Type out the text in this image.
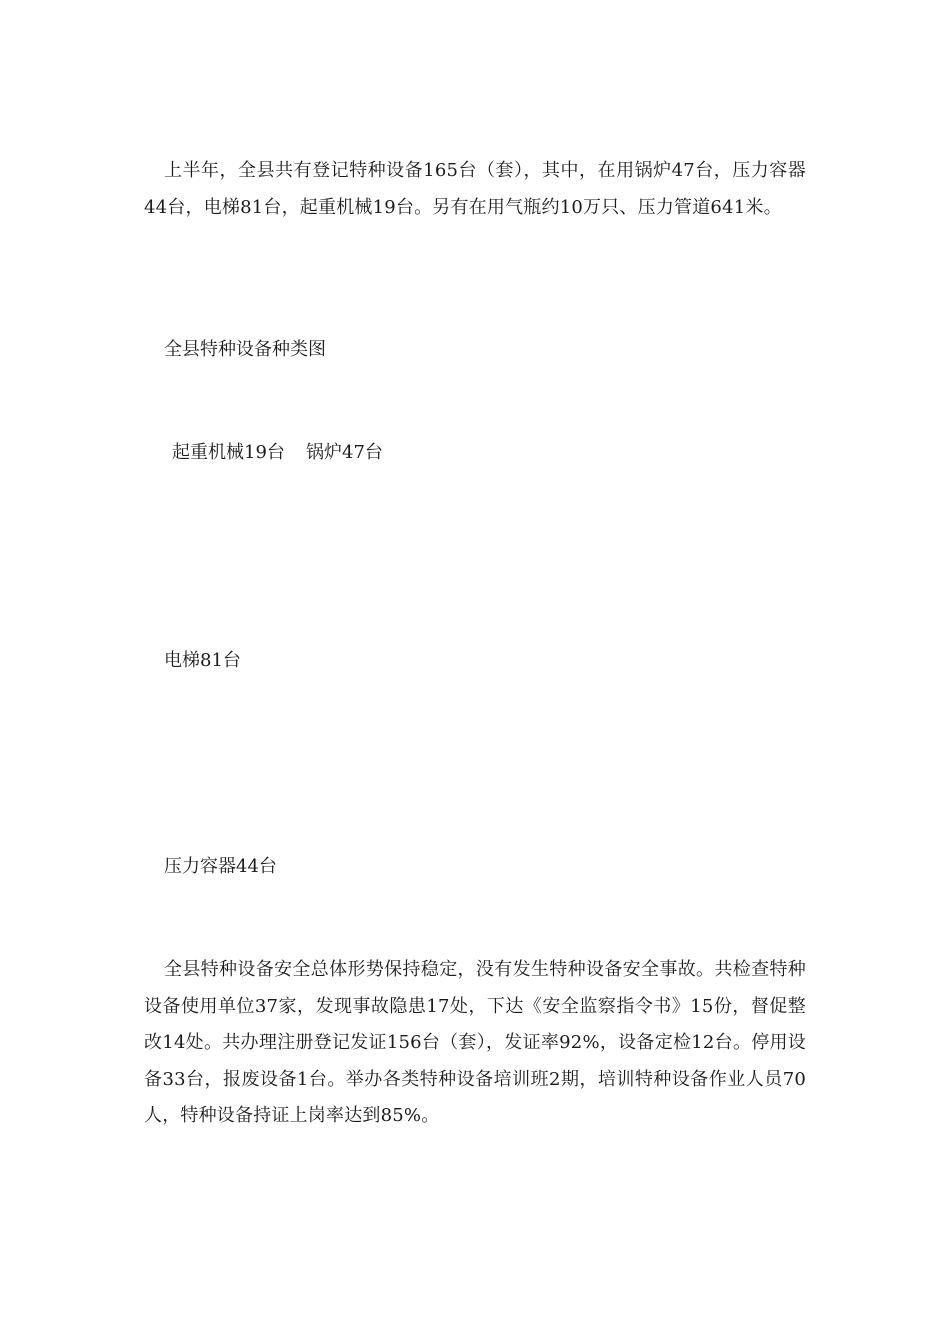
上半年，全县共有登记特种设备165台（套），其中，在用锅炉47台，压力容器44台，电梯81台，起重机械19台。另有在用气瓶约10万只、压力管道641米。

全县特种设备种类图
起重机械19台 锅炉47台
电梯81台
压力容器44台

全县特种设备安全总体形势保持稳定，没有发生特种设备安全事故。共检查特种设备使用单位37家，发现事故隐患17处，下达《安全监察指令书》15份，督促整改14处。共办理注册登记发证156台（套），发证率92%，设备定检12台。停用设备33台，报废设备1台。举办各类特种设备培训班2期，培训特种设备作业人员70人，特种设备持证上岗率达到85%。
